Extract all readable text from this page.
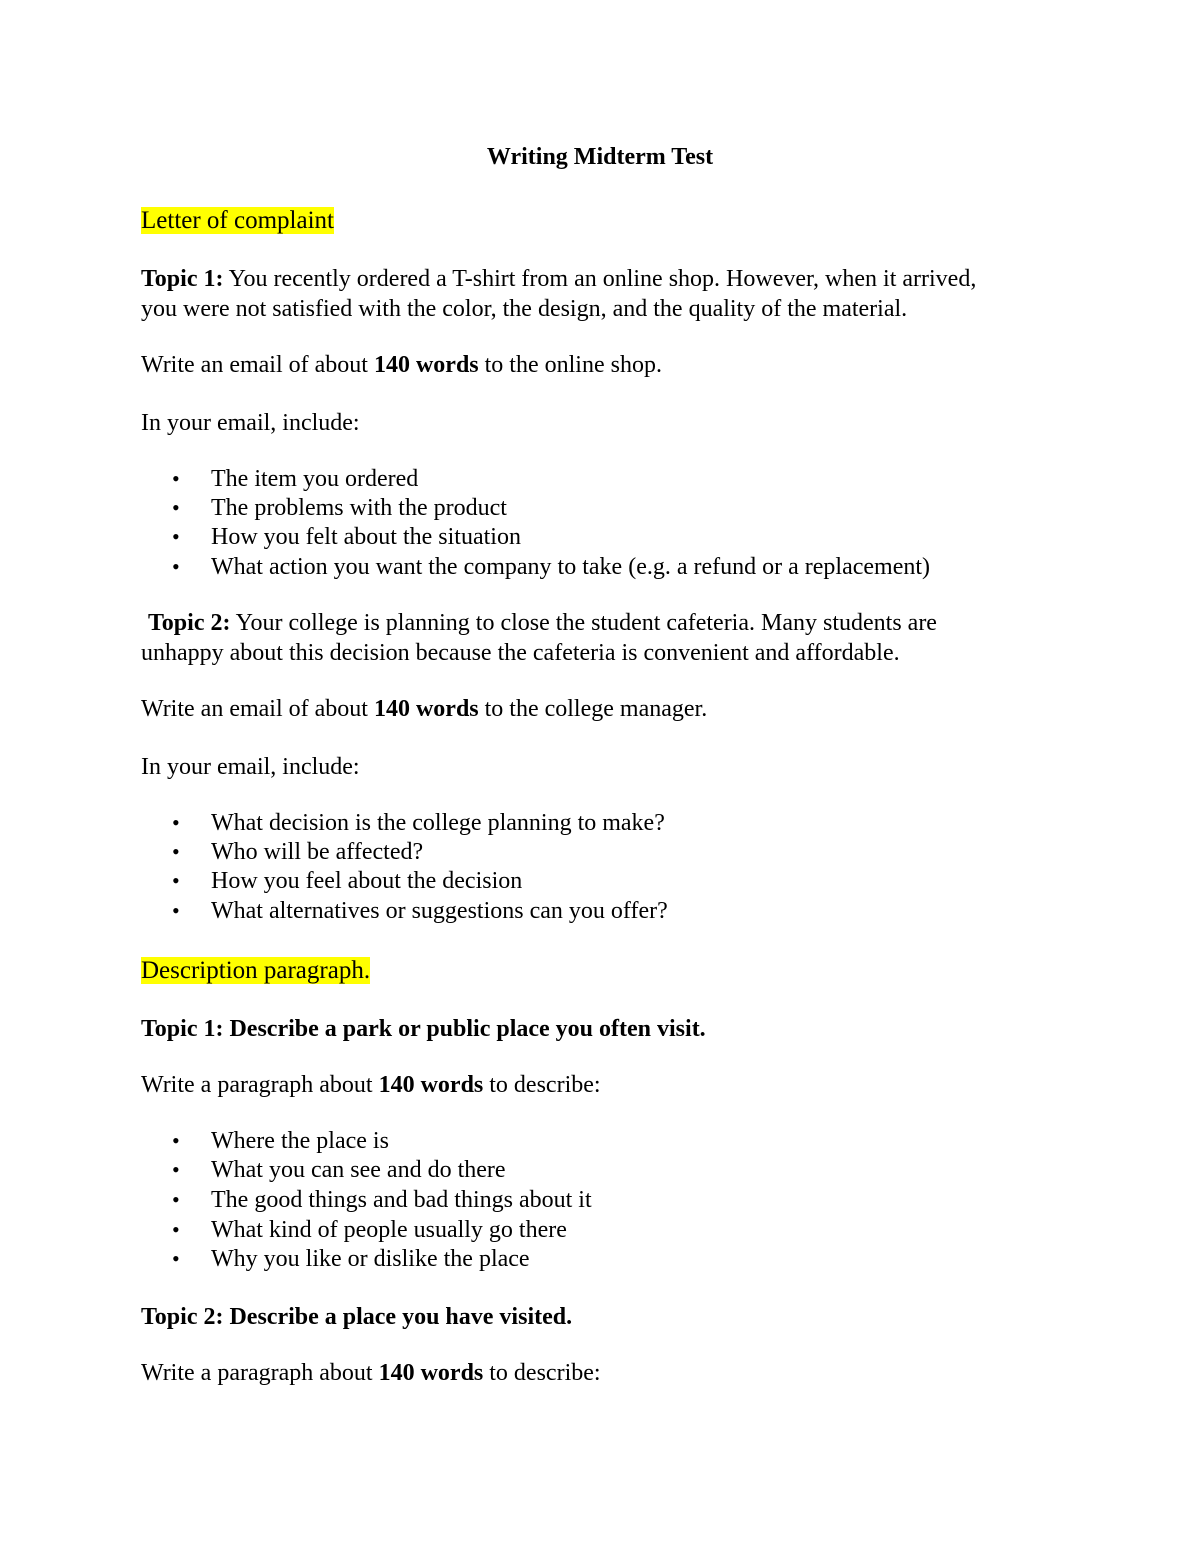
Writing Midterm Test
Letter of complaint
Topic 1: You recently ordered a T-shirt from an online shop. However, when it arrived,
you were not satisfied with the color, the design, and the quality of the material.
Write an email of about 140 words to the online shop.
In your email, include:
• The item you ordered
• The problems with the product
• How you felt about the situation
• What action you want the company to take (e.g. a refund or a replacement)
Topic 2: Your college is planning to close the student cafeteria. Many students are
unhappy about this decision because the cafeteria is convenient and affordable.
Write an email of about 140 words to the college manager.
In your email, include:
• What decision is the college planning to make?
• Who will be affected?
• How you feel about the decision
• What alternatives or suggestions can you offer?
Description paragraph.
Topic 1: Describe a park or public place you often visit.
Write a paragraph about 140 words to describe:
• Where the place is
• What you can see and do there
• The good things and bad things about it
• What kind of people usually go there
• Why you like or dislike the place
Topic 2: Describe a place you have visited.
Write a paragraph about 140 words to describe:
